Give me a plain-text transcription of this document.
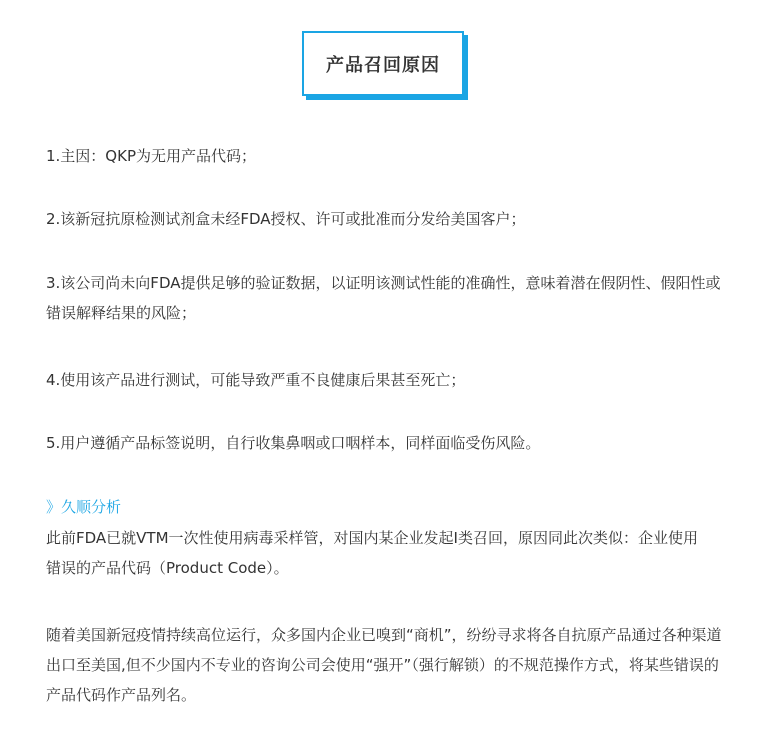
产品召回原因

1.主因：QKP为无用产品代码；

2.该新冠抗原检测试剂盒未经FDA授权、许可或批准而分发给美国客户；

3.该公司尚未向FDA提供足够的验证数据，以证明该测试性能的准确性，意味着潜在假阴性、假阳性或错误解释结果的风险；

4.使用该产品进行测试，可能导致严重不良健康后果甚至死亡；

5.用户遵循产品标签说明，自行收集鼻咽或口咽样本，同样面临受伤风险。

》久顺分析

此前FDA已就VTM一次性使用病毒采样管，对国内某企业发起I类召回，原因同此次类似：企业使用错误的产品代码（Product Code）。

随着美国新冠疫情持续高位运行，众多国内企业已嗅到“商机”，纷纷寻求将各自抗原产品通过各种渠道出口至美国,但不少国内不专业的咨询公司会使用“强开”（强行解锁）的不规范操作方式，将某些错误的产品代码作产品列名。
